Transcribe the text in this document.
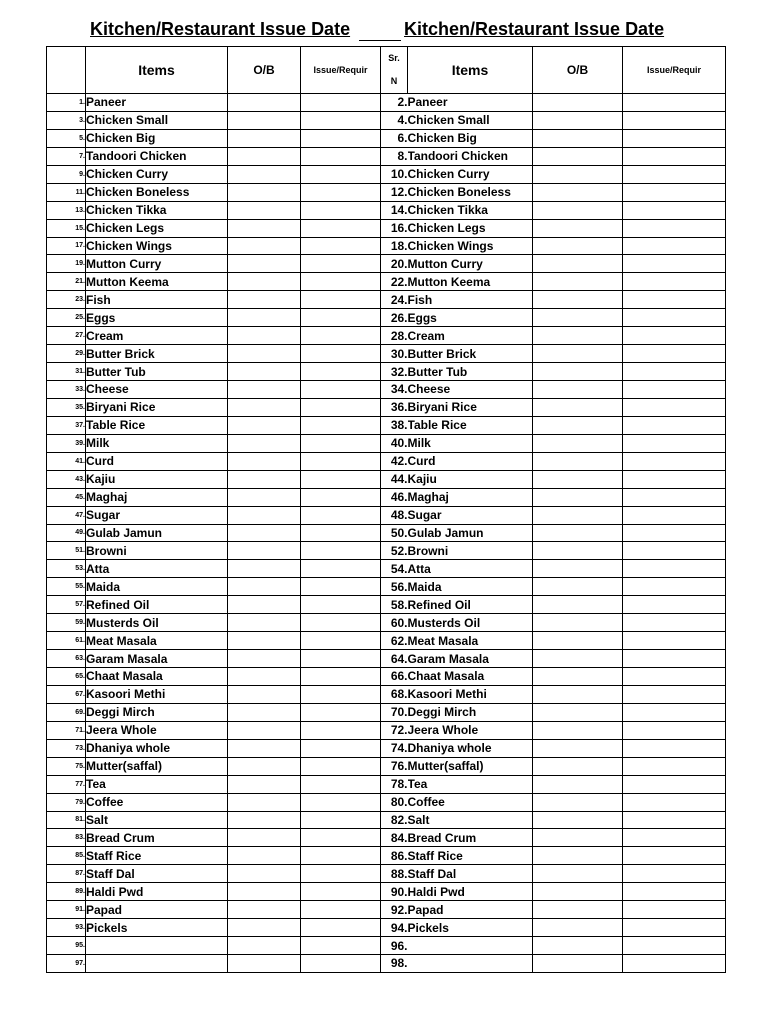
Kitchen/Restaurant Issue Date	Kitchen/Restaurant Issue Date
	Items	O/B	Issue/Requir	Sr.
N	Items	O/B	Issue/Requir
1.	Paneer			2.	Paneer		
3.	Chicken Small			4.	Chicken Small		
5.	Chicken Big			6.	Chicken Big		
7.	Tandoori Chicken			8.	Tandoori Chicken		
9.	Chicken Curry			10.	Chicken Curry		
11.	Chicken Boneless			12.	Chicken Boneless		
13.	Chicken Tikka			14.	Chicken Tikka		
15.	Chicken Legs			16.	Chicken Legs		
17.	Chicken Wings			18.	Chicken Wings		
19.	Mutton Curry			20.	Mutton Curry		
21.	Mutton Keema			22.	Mutton Keema		
23.	Fish			24.	Fish		
25.	Eggs			26.	Eggs		
27.	Cream			28.	Cream		
29.	Butter Brick			30.	Butter Brick		
31.	Butter Tub			32.	Butter Tub		
33.	Cheese			34.	Cheese		
35.	Biryani Rice			36.	Biryani Rice		
37.	Table Rice			38.	Table Rice		
39.	Milk			40.	Milk		
41.	Curd			42.	Curd		
43.	Kajiu			44.	Kajiu		
45.	Maghaj			46.	Maghaj		
47.	Sugar			48.	Sugar		
49.	Gulab Jamun			50.	Gulab Jamun		
51.	Browni			52.	Browni		
53.	Atta			54.	Atta		
55.	Maida			56.	Maida		
57.	Refined Oil			58.	Refined Oil		
59.	Musterds Oil			60.	Musterds Oil		
61.	Meat Masala			62.	Meat Masala		
63.	Garam Masala			64.	Garam Masala		
65.	Chaat Masala			66.	Chaat Masala		
67.	Kasoori Methi			68.	Kasoori Methi		
69.	Deggi Mirch			70.	Deggi Mirch		
71.	Jeera Whole			72.	Jeera Whole		
73.	Dhaniya whole			74.	Dhaniya whole		
75.	Mutter(saffal)			76.	Mutter(saffal)		
77.	Tea			78.	Tea		
79.	Coffee			80.	Coffee		
81.	Salt			82.	Salt		
83.	Bread Crum			84.	Bread Crum		
85.	Staff Rice			86.	Staff Rice		
87.	Staff Dal			88.	Staff Dal		
89.	Haldi Pwd			90.	Haldi Pwd		
91.	Papad			92.	Papad		
93.	Pickels			94.	Pickels		
95.				96.			
97.				98.			
